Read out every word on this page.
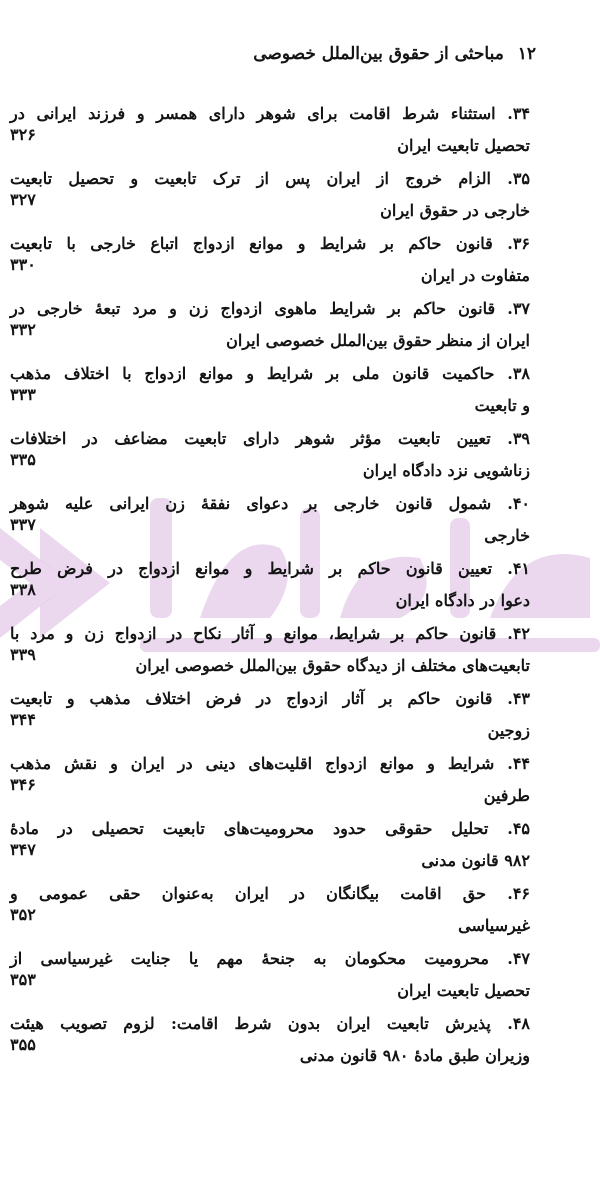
۱۲ مباحثی از حقوق بین‌الملل خصوصی
۳۴. استثناء شرط اقامت برای شوهر دارای همسر و فرزند ایرانی در
تحصیل تابعیت ایران
۳۲۶
۳۵. الزام خروج از ایران پس از ترک تابعیت و تحصیل تابعیت
خارجی در حقوق ایران
۳۲۷
۳۶. قانون حاکم بر شرایط و موانع ازدواج اتباع خارجی با تابعیت
متفاوت در ایران
۳۳۰
۳۷. قانون حاکم بر شرایط ماهوی ازدواج زن و مرد تبعهٔ خارجی در
ایران از منظر حقوق بین‌الملل خصوصی ایران
۳۳۲
۳۸. حاکمیت قانون ملی بر شرایط و موانع ازدواج با اختلاف مذهب
و تابعیت
۳۳۳
۳۹. تعیین تابعیت مؤثر شوهر دارای تابعیت مضاعف در اختلافات
زناشویی نزد دادگاه ایران
۳۳۵
۴۰. شمول قانون خارجی بر دعوای نفقهٔ زن ایرانی علیه شوهر
خارجی
۳۳۷
۴۱. تعیین قانون حاکم بر شرایط و موانع ازدواج در فرض طرح
دعوا در دادگاه ایران
۳۳۸
۴۲. قانون حاکم بر شرایط، موانع و آثار نکاح در ازدواج زن و مرد با
تابعیت‌های مختلف از دیدگاه حقوق بین‌الملل خصوصی ایران
۳۳۹
۴۳. قانون حاکم بر آثار ازدواج در فرض اختلاف مذهب و تابعیت
زوجین
۳۴۴
۴۴. شرایط و موانع ازدواج اقلیت‌های دینی در ایران و نقش مذهب
طرفین
۳۴۶
۴۵. تحلیل حقوقی حدود محرومیت‌های تابعیت تحصیلی در مادهٔ
۹۸۲ قانون مدنی
۳۴۷
۴۶. حق اقامت بیگانگان در ایران به‌عنوان حقی عمومی و
غیرسیاسی
۳۵۲
۴۷. محرومیت محکومان به جنحهٔ مهم یا جنایت غیرسیاسی از
تحصیل تابعیت ایران
۳۵۳
۴۸. پذیرش تابعیت ایران بدون شرط اقامت: لزوم تصویب هیئت
وزیران طبق مادهٔ ۹۸۰ قانون مدنی
۳۵۵
